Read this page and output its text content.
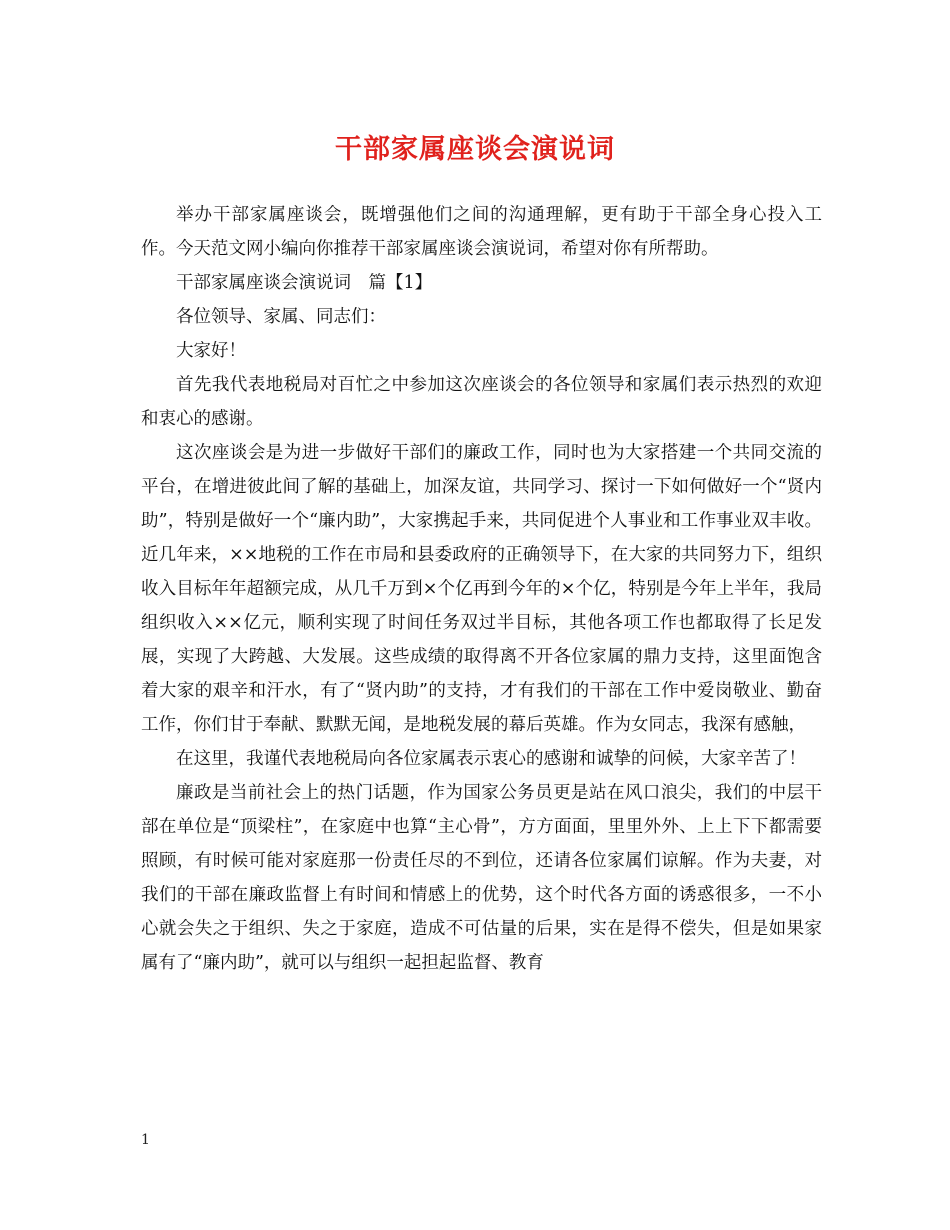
干部家属座谈会演说词

举办干部家属座谈会，既增强他们之间的沟通理解，更有助于干部全身心投入工作。今天范文网小编向你推荐干部家属座谈会演说词，希望对你有所帮助。

干部家属座谈会演说词　篇【1】

各位领导、家属、同志们：

大家好！

首先我代表地税局对百忙之中参加这次座谈会的各位领导和家属们表示热烈的欢迎和衷心的感谢。

这次座谈会是为进一步做好干部们的廉政工作，同时也为大家搭建一个共同交流的平台，在增进彼此间了解的基础上，加深友谊，共同学习、探讨一下如何做好一个“贤内助”，特别是做好一个“廉内助”，大家携起手来，共同促进个人事业和工作事业双丰收。近几年来，××地税的工作在市局和县委政府的正确领导下，在大家的共同努力下，组织收入目标年年超额完成，从几千万到×个亿再到今年的×个亿，特别是今年上半年，我局组织收入××亿元，顺利实现了时间任务双过半目标，其他各项工作也都取得了长足发展，实现了大跨越、大发展。这些成绩的取得离不开各位家属的鼎力支持，这里面饱含着大家的艰辛和汗水，有了“贤内助”的支持，才有我们的干部在工作中爱岗敬业、勤奋工作，你们甘于奉献、默默无闻，是地税发展的幕后英雄。作为女同志，我深有感触，

在这里，我谨代表地税局向各位家属表示衷心的感谢和诚挚的问候，大家辛苦了！

廉政是当前社会上的热门话题，作为国家公务员更是站在风口浪尖，我们的中层干部在单位是“顶梁柱”，在家庭中也算“主心骨”，方方面面，里里外外、上上下下都需要照顾，有时候可能对家庭那一份责任尽的不到位，还请各位家属们谅解。作为夫妻，对我们的干部在廉政监督上有时间和情感上的优势，这个时代各方面的诱惑很多，一不小心就会失之于组织、失之于家庭，造成不可估量的后果，实在是得不偿失，但是如果家属有了“廉内助”，就可以与组织一起担起监督、教育

1
